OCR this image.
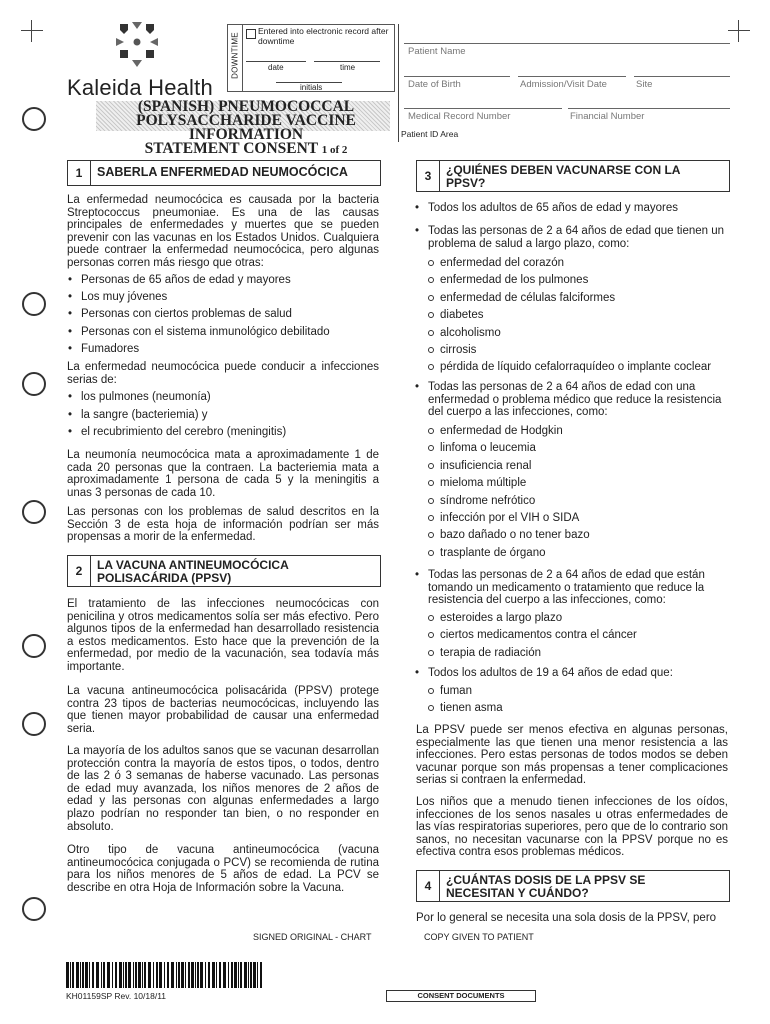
Kaleida Health
DOWNTIME
Entered into electronic record after
downtime
date	time
initials
(SPANISH) PNEUMOCOCCAL
POLYSACCHARIDE VACCINE INFORMATION
STATEMENT CONSENT 1 of 2
Patient Name
Date of Birth	Admission/Visit Date	Site
Medical Record Number	Financial Number
Patient ID Area
1	SABERLA ENFERMEDAD NEUMOCÓCICA
La enfermedad neumocócica es causada por la bacteria Streptococcus pneumoniae. Es una de las causas principales de enfermedades y muertes que se pueden prevenir con las vacunas en los Estados Unidos. Cualquiera puede contraer la enfermedad neumocócica, pero algunas personas corren más riesgo que otras:
• Personas de 65 años de edad y mayores
• Los muy jóvenes
• Personas con ciertos problemas de salud
• Personas con el sistema inmunológico debilitado
• Fumadores
La enfermedad neumocócica puede conducir a infecciones serias de:
• los pulmones (neumonía)
• la sangre (bacteriemia) y
• el recubrimiento del cerebro (meningitis)
La neumonía neumocócica mata a aproximadamente 1 de cada 20 personas que la contraen. La bacteriemia mata a aproximadamente 1 persona de cada 5 y la meningitis a unas 3 personas de cada 10.
Las personas con los problemas de salud descritos en la Sección 3 de esta hoja de información podrían ser más propensas a morir de la enfermedad.
2	LA VACUNA ANTINEUMOCÓCICA
POLISACÁRIDA (PPSV)
El tratamiento de las infecciones neumocócicas con penicilina y otros medicamentos solía ser más efectivo. Pero algunos tipos de la enfermedad han desarrollado resistencia a estos medicamentos. Esto hace que la prevención de la enfermedad, por medio de la vacunación, sea todavía más importante.
La vacuna antineumocócica polisacárida (PPSV) protege contra 23 tipos de bacterias neumocócicas, incluyendo las que tienen mayor probabilidad de causar una enfermedad seria.
La mayoría de los adultos sanos que se vacunan desarrollan protección contra la mayoría de estos tipos, o todos, dentro de las 2 ó 3 semanas de haberse vacunado. Las personas de edad muy avanzada, los niños menores de 2 años de edad y las personas con algunas enfermedades a largo plazo podrían no responder tan bien, o no responder en absoluto.
Otro tipo de vacuna antineumocócica (vacuna antineumocócica conjugada o PCV) se recomienda de rutina para los niños menores de 5 años de edad. La PCV se describe en otra Hoja de Información sobre la Vacuna.
3	¿QUIÉNES DEBEN VACUNARSE CON LA
PPSV?
• Todos los adultos de 65 años de edad y mayores
• Todas las personas de 2 a 64 años de edad que tienen un problema de salud a largo plazo, como:
enfermedad del corazón
enfermedad de los pulmones
enfermedad de células falciformes
diabetes
alcoholismo
cirrosis
pérdida de líquido cefalorraquídeo o implante coclear
• Todas las personas de 2 a 64 años de edad con una enfermedad o problema médico que reduce la resistencia del cuerpo a las infecciones, como:
enfermedad de Hodgkin
linfoma o leucemia
insuficiencia renal
mieloma múltiple
síndrome nefrótico
infección por el VIH o SIDA
bazo dañado o no tener bazo
trasplante de órgano
• Todas las personas de 2 a 64 años de edad que están tomando un medicamento o tratamiento que reduce la resistencia del cuerpo a las infecciones, como:
esteroides a largo plazo
ciertos medicamentos contra el cáncer
terapia de radiación
• Todos los adultos de 19 a 64 años de edad que:
fuman
tienen asma
La PPSV puede ser menos efectiva en algunas personas, especialmente las que tienen una menor resistencia a las infecciones. Pero estas personas de todos modos se deben vacunar porque son más propensas a tener complicaciones serias si contraen la enfermedad.
Los niños que a menudo tienen infecciones de los oídos, infecciones de los senos nasales u otras enfermedades de las vías respiratorias superiores, pero que de lo contrario son sanos, no necesitan vacunarse con la PPSV porque no es efectiva contra esos problemas médicos.
4	¿CUÁNTAS DOSIS DE LA PPSV SE
NECESITAN Y CUÁNDO?
Por lo general se necesita una sola dosis de la PPSV, pero
SIGNED ORIGINAL - CHART	COPY GIVEN TO PATIENT
KH01159SP Rev. 10/18/11	CONSENT DOCUMENTS
